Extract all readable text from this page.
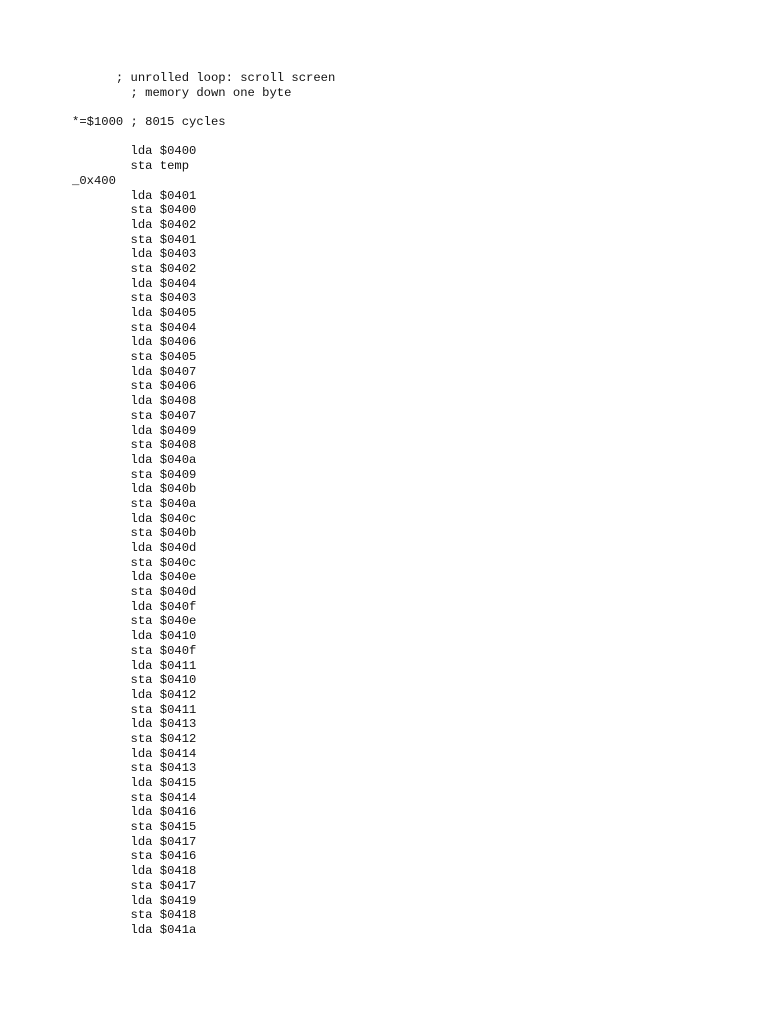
; unrolled loop: scroll screen
; memory down one byte
*=$1000 ; 8015 cycles
lda $0400
sta temp
_0x400
lda $0401
sta $0400
lda $0402
sta $0401
lda $0403
sta $0402
lda $0404
sta $0403
lda $0405
sta $0404
lda $0406
sta $0405
lda $0407
sta $0406
lda $0408
sta $0407
lda $0409
sta $0408
lda $040a
sta $0409
lda $040b
sta $040a
lda $040c
sta $040b
lda $040d
sta $040c
lda $040e
sta $040d
lda $040f
sta $040e
lda $0410
sta $040f
lda $0411
sta $0410
lda $0412
sta $0411
lda $0413
sta $0412
lda $0414
sta $0413
lda $0415
sta $0414
lda $0416
sta $0415
lda $0417
sta $0416
lda $0418
sta $0417
lda $0419
sta $0418
lda $041a
